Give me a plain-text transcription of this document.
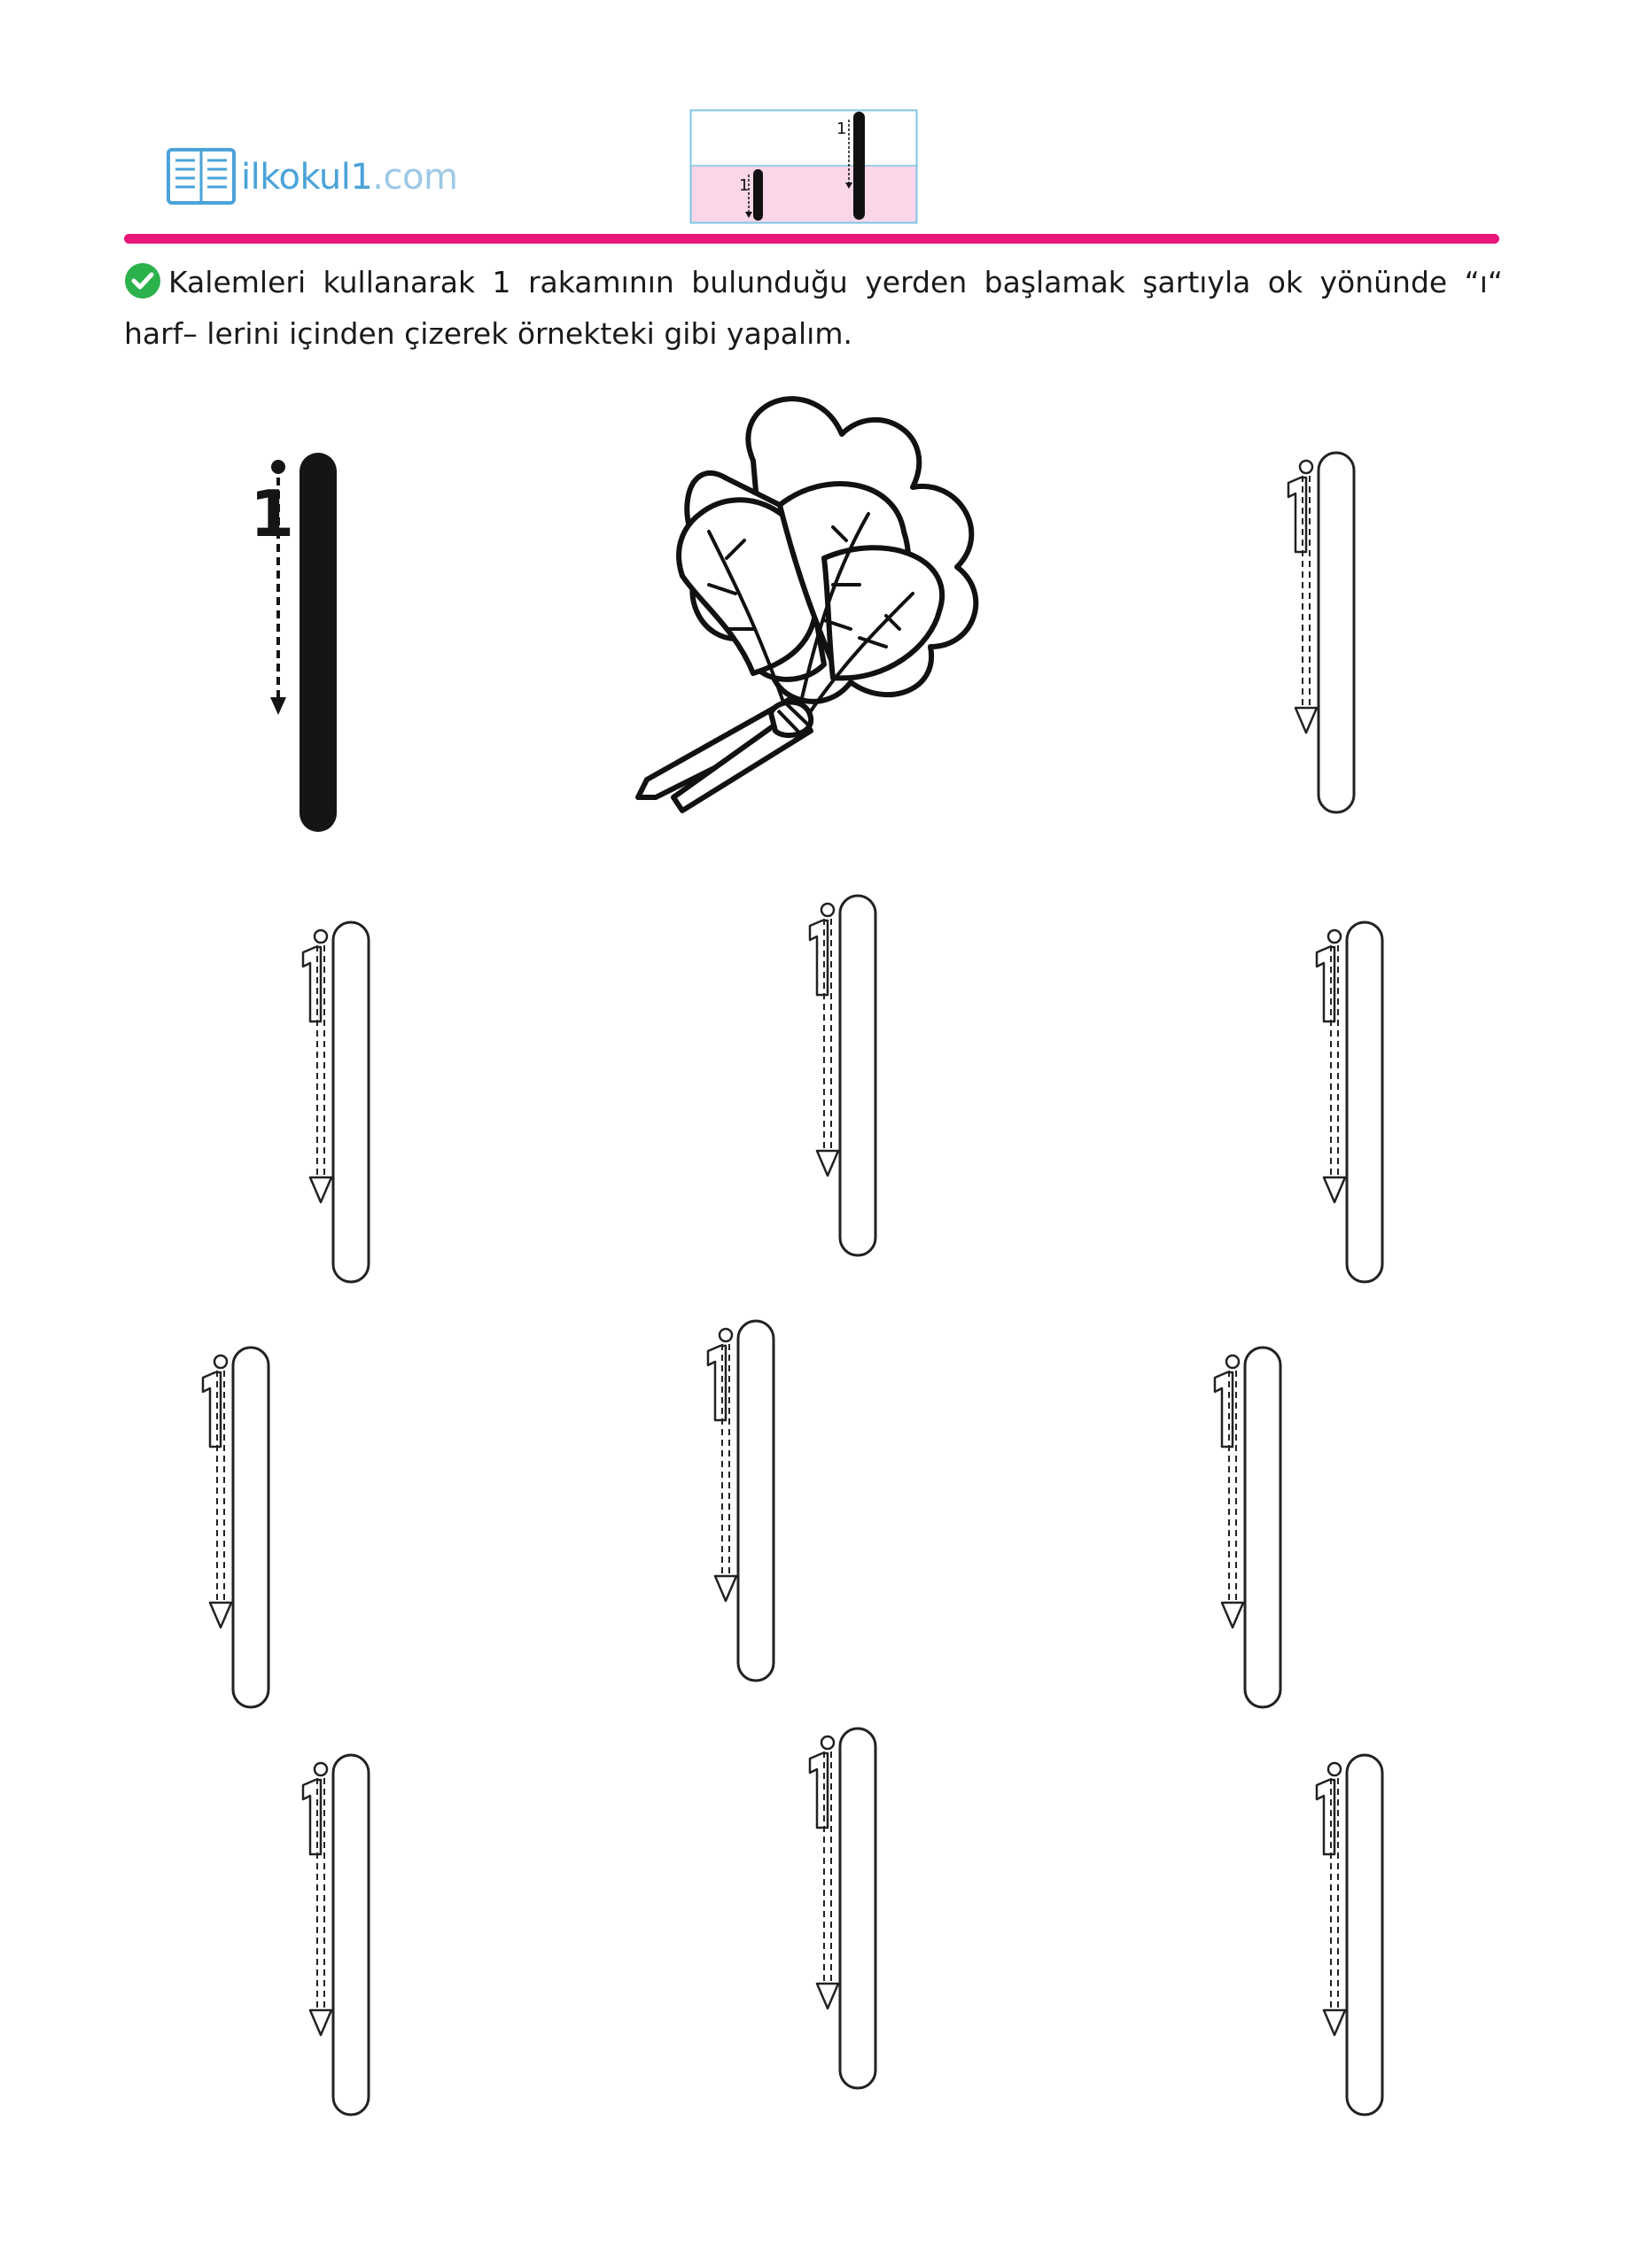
ilkokul1.com	1
1
Kalemleri kullanarak 1 rakamının bulunduğu yerden başlamak şartıyla ok yönünde “ı“ harf– lerini içinden çizerek örnekteki gibi yapalım.
1
